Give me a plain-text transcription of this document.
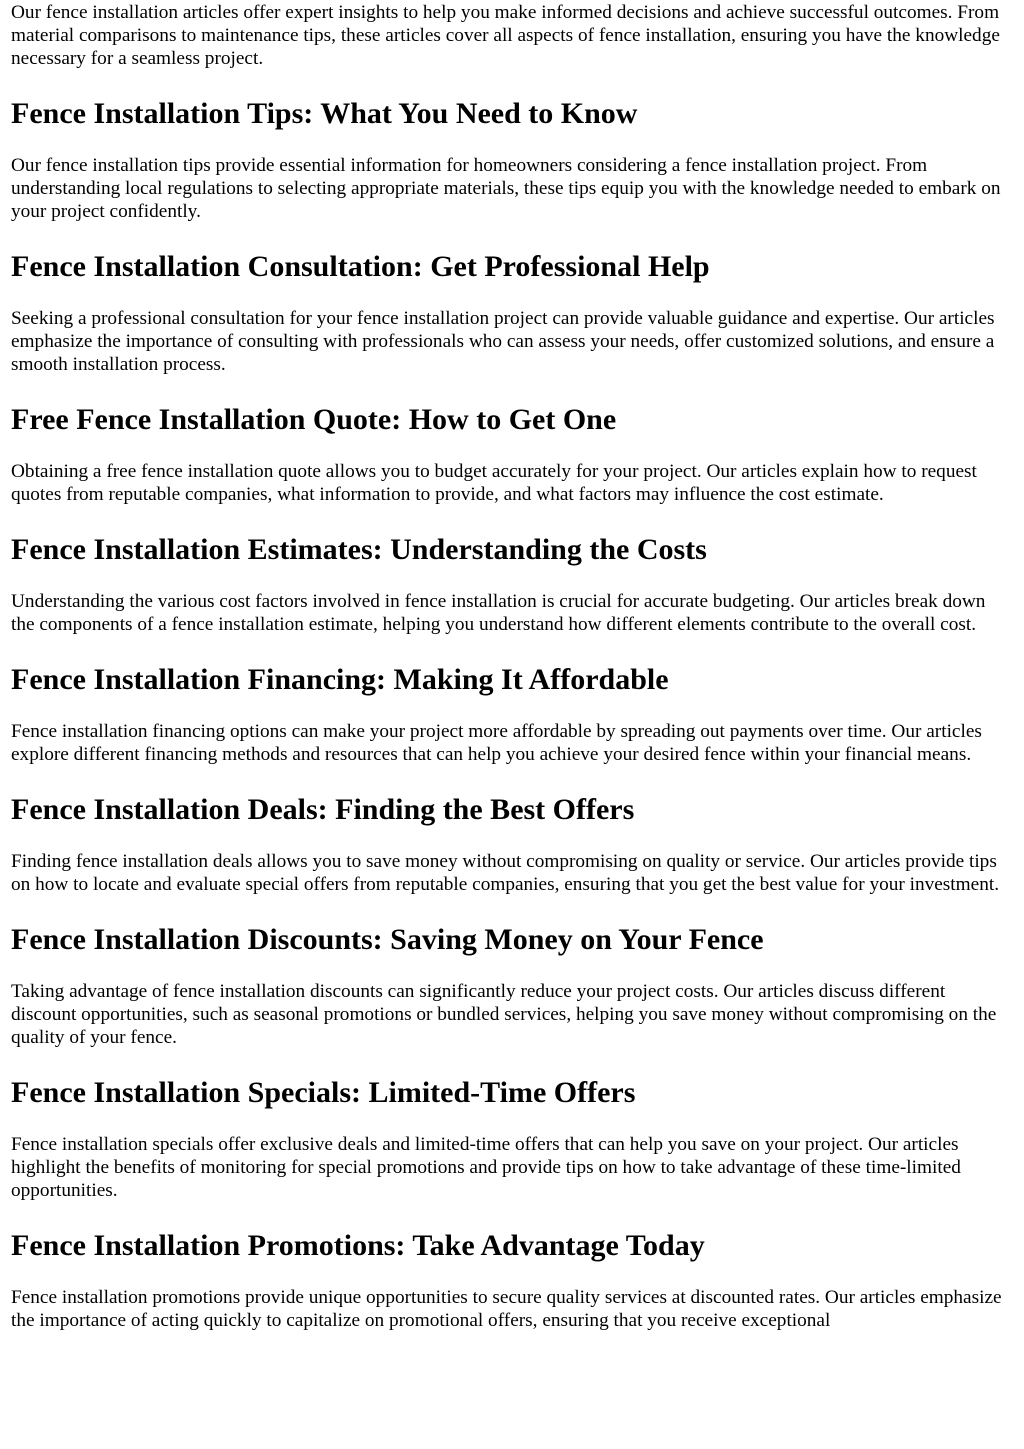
Our fence installation articles offer expert insights to help you make informed decisions and achieve successful outcomes. From material comparisons to maintenance tips, these articles cover all aspects of fence installation, ensuring you have the knowledge necessary for a seamless project.

Fence Installation Tips: What You Need to Know

Our fence installation tips provide essential information for homeowners considering a fence installation project. From understanding local regulations to selecting appropriate materials, these tips equip you with the knowledge needed to embark on your project confidently.

Fence Installation Consultation: Get Professional Help

Seeking a professional consultation for your fence installation project can provide valuable guidance and expertise. Our articles emphasize the importance of consulting with professionals who can assess your needs, offer customized solutions, and ensure a smooth installation process.

Free Fence Installation Quote: How to Get One

Obtaining a free fence installation quote allows you to budget accurately for your project. Our articles explain how to request quotes from reputable companies, what information to provide, and what factors may influence the cost estimate.

Fence Installation Estimates: Understanding the Costs

Understanding the various cost factors involved in fence installation is crucial for accurate budgeting. Our articles break down the components of a fence installation estimate, helping you understand how different elements contribute to the overall cost.

Fence Installation Financing: Making It Affordable

Fence installation financing options can make your project more affordable by spreading out payments over time. Our articles explore different financing methods and resources that can help you achieve your desired fence within your financial means.

Fence Installation Deals: Finding the Best Offers

Finding fence installation deals allows you to save money without compromising on quality or service. Our articles provide tips on how to locate and evaluate special offers from reputable companies, ensuring that you get the best value for your investment.

Fence Installation Discounts: Saving Money on Your Fence

Taking advantage of fence installation discounts can significantly reduce your project costs. Our articles discuss different discount opportunities, such as seasonal promotions or bundled services, helping you save money without compromising on the quality of your fence.

Fence Installation Specials: Limited-Time Offers

Fence installation specials offer exclusive deals and limited-time offers that can help you save on your project. Our articles highlight the benefits of monitoring for special promotions and provide tips on how to take advantage of these time-limited opportunities.

Fence Installation Promotions: Take Advantage Today

Fence installation promotions provide unique opportunities to secure quality services at discounted rates. Our articles emphasize the importance of acting quickly to capitalize on promotional offers, ensuring that you receive exceptional
